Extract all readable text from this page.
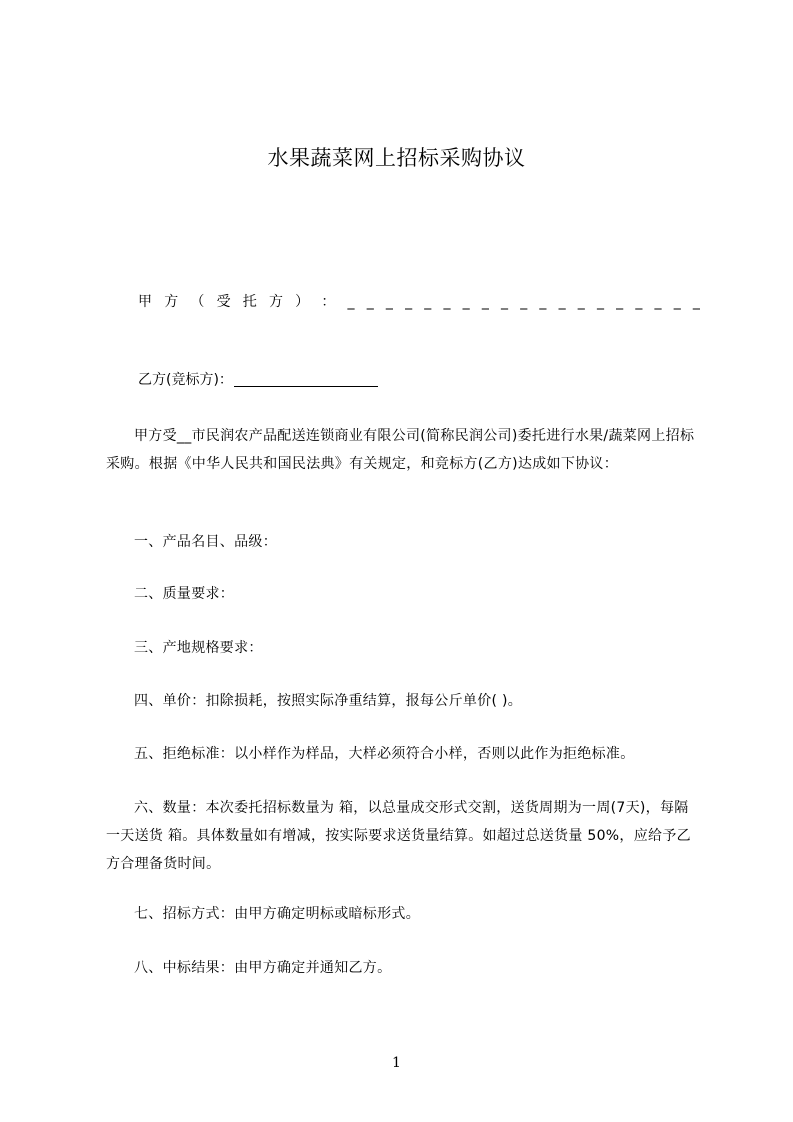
水果蔬菜网上招标采购协议
甲 方 （ 受 托 方 ） ： _ _ _ _ _ _ _ _ _ _ _ _ _ _ _ _ _ _ _
乙方(竞标方)：
甲方受__市民润农产品配送连锁商业有限公司(简称民润公司)委托进行水果/蔬菜网上招标采购。根据《中华人民共和国民法典》有关规定，和竞标方(乙方)达成如下协议：
一、产品名目、品级：
二、质量要求：
三、产地规格要求：
四、单价：扣除损耗，按照实际净重结算，报每公斤单价( )。
五、拒绝标准：以小样作为样品，大样必须符合小样，否则以此作为拒绝标准。
六、数量：本次委托招标数量为 箱，以总量成交形式交割，送货周期为一周(7天)，每隔一天送货 箱。具体数量如有增减，按实际要求送货量结算。如超过总送货量 50%，应给予乙方合理备货时间。
七、招标方式：由甲方确定明标或暗标形式。
八、中标结果：由甲方确定并通知乙方。
1
